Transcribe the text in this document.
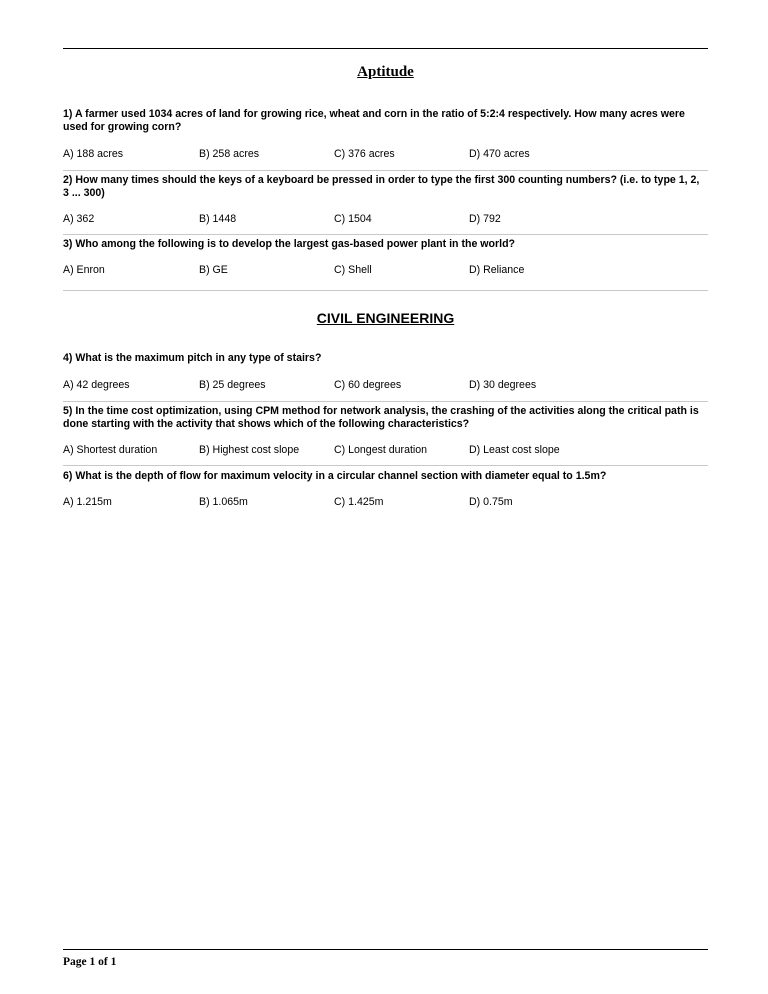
Aptitude
1) A farmer used 1034 acres of land for growing rice, wheat and corn in the ratio of 5:2:4 respectively. How many acres were used for growing corn?
A) 188 acres	B) 258 acres	C) 376 acres	D) 470 acres
2) How many times should the keys of a keyboard be pressed in order to type the first 300 counting numbers? (i.e. to type 1, 2, 3 ... 300)
A) 362	B) 1448	C) 1504	D) 792
3) Who among the following is to develop the largest gas-based power plant in the world?
A) Enron	B) GE	C) Shell	D) Reliance
CIVIL ENGINEERING
4) What is the maximum pitch in any type of stairs?
A) 42 degrees	B) 25 degrees	C) 60 degrees	D) 30 degrees
5) In the time cost optimization, using CPM method for network analysis, the crashing of the activities along the critical path is done starting with the activity that shows which of the following characteristics?
A) Shortest duration	B) Highest cost slope	C) Longest duration	D) Least cost slope
6) What is the depth of flow for maximum velocity in a circular channel section with diameter equal to 1.5m?
A) 1.215m	B) 1.065m	C) 1.425m	D) 0.75m
Page 1 of 1
